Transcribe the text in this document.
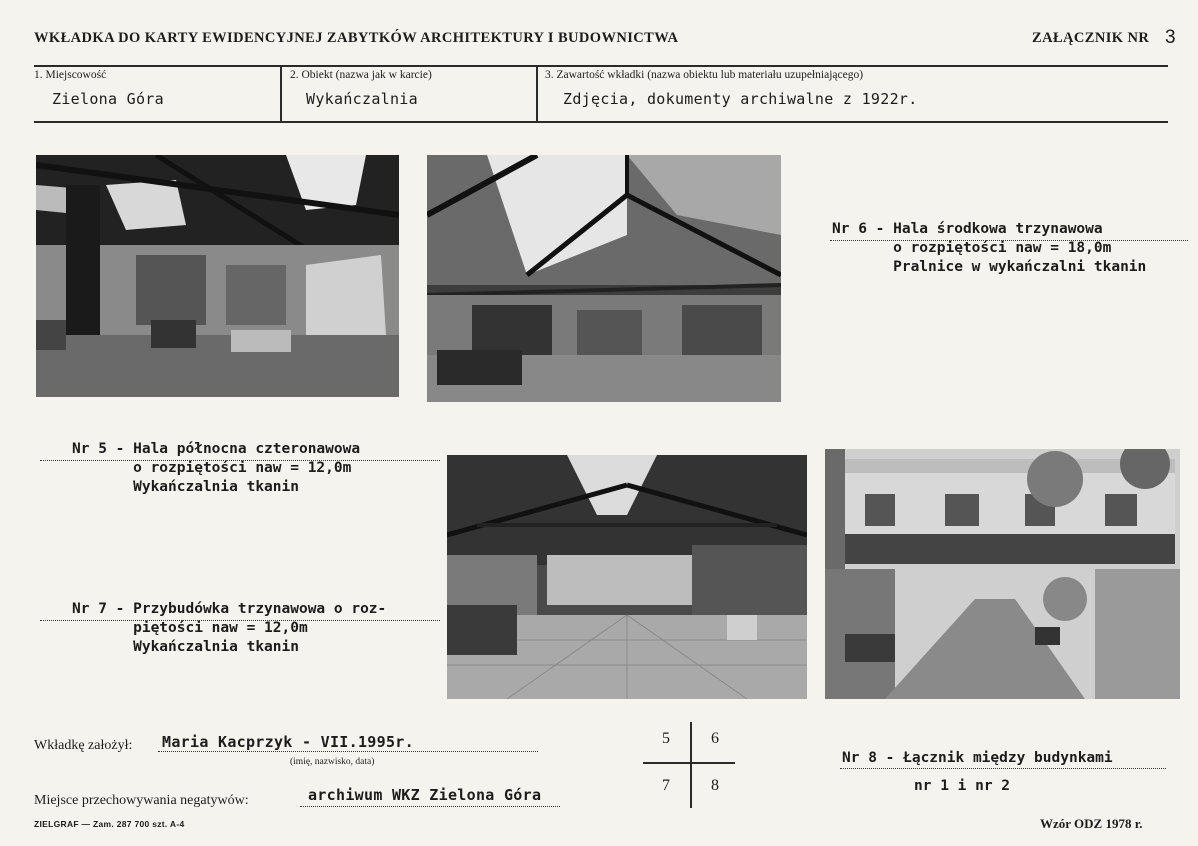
WKŁADKA DO KARTY EWIDENCYJNEJ ZABYTKÓW ARCHITEKTURY I BUDOWNICTWA	ZAŁĄCZNIK NR 3
1. Miejscowość
Zielona Góra
2. Obiekt (nazwa jak w karcie)
Wykańczalnia
3. Zawartość wkładki (nazwa obiektu lub materiału uzupełniającego)
Zdjęcia, dokumenty archiwalne z 1922r.
Nr 6 - Hala środkowa trzynawowa
o rozpiętości naw = 18,0m
Pralnice w wykańczalni tkanin
Nr 5 - Hala północna czteronawowa
o rozpiętości naw = 12,0m
Wykańczalnia tkanin
Nr 7 - Przybudówka trzynawowa o roz-
piętości naw = 12,0m
Wykańczalnia tkanin
Nr 8 - Łącznik między budynkami
nr 1 i nr 2
Wkładkę założył: Maria Kacprzyk - VII.1995r.
(imię, nazwisko, data)
Miejsce przechowywania negatywów:	archiwum WKZ Zielona Góra
5	6
7	8
ZIELGRAF — Zam. 287 700 szt. A-4	Wzór ODZ 1978 r.
